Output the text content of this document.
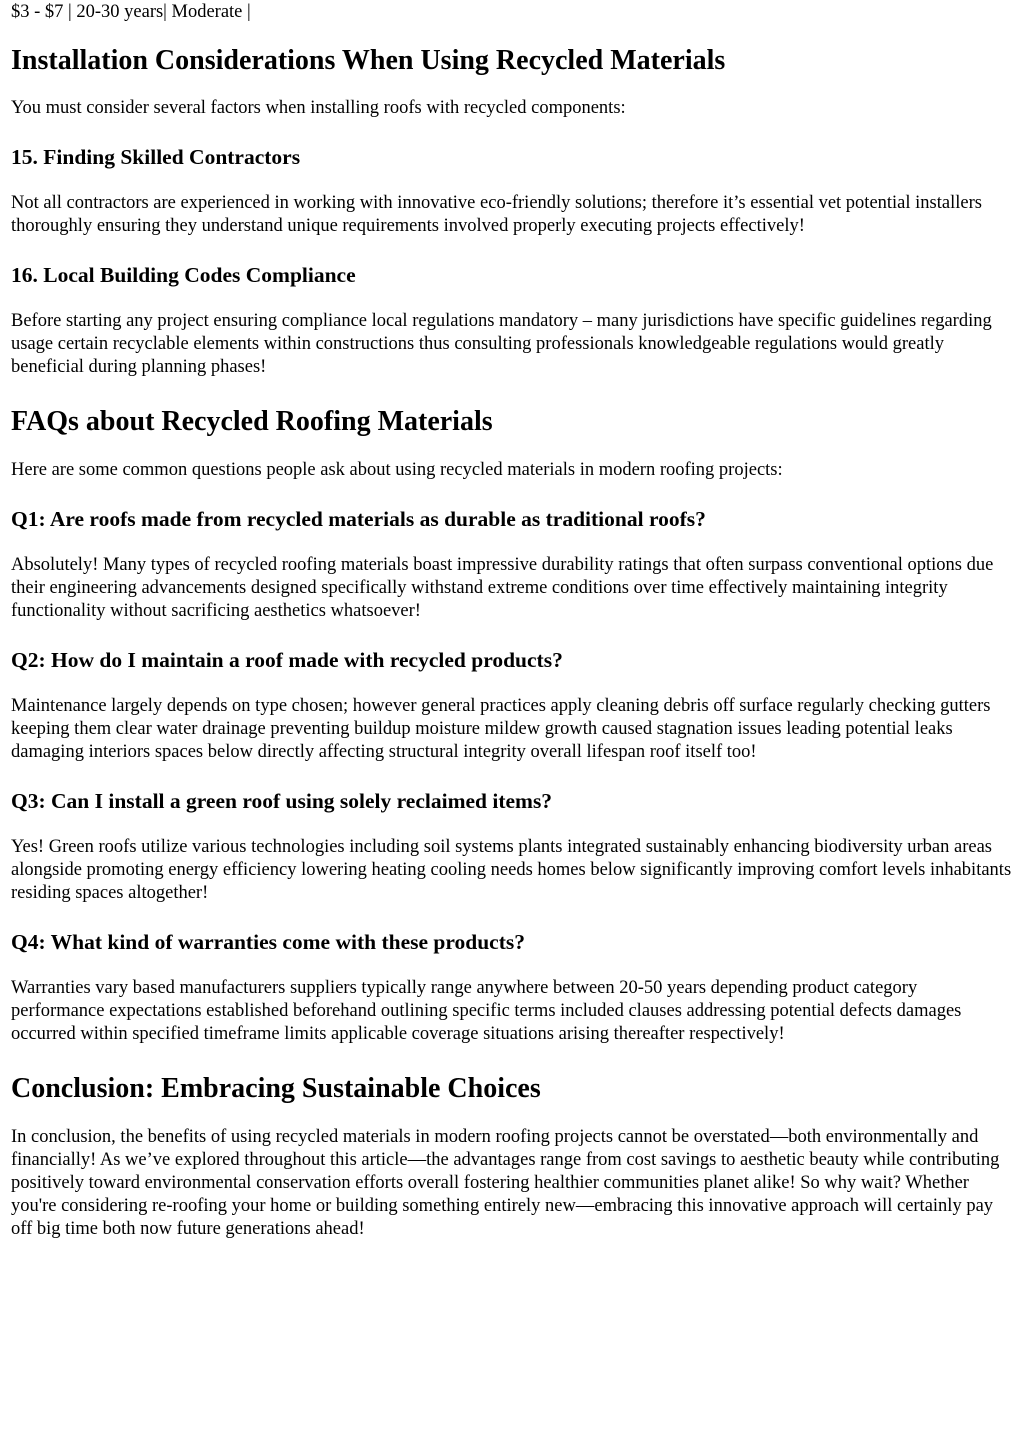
$3 - $7 | 20-30 years| Moderate |

Installation Considerations When Using Recycled Materials

You must consider several factors when installing roofs with recycled components:

15. Finding Skilled Contractors

Not all contractors are experienced in working with innovative eco-friendly solutions; therefore it’s essential vet potential installers thoroughly ensuring they understand unique requirements involved properly executing projects effectively!

16. Local Building Codes Compliance

Before starting any project ensuring compliance local regulations mandatory – many jurisdictions have specific guidelines regarding usage certain recyclable elements within constructions thus consulting professionals knowledgeable regulations would greatly beneficial during planning phases!

FAQs about Recycled Roofing Materials

Here are some common questions people ask about using recycled materials in modern roofing projects:

Q1: Are roofs made from recycled materials as durable as traditional roofs?

Absolutely! Many types of recycled roofing materials boast impressive durability ratings that often surpass conventional options due their engineering advancements designed specifically withstand extreme conditions over time effectively maintaining integrity functionality without sacrificing aesthetics whatsoever!

Q2: How do I maintain a roof made with recycled products?

Maintenance largely depends on type chosen; however general practices apply cleaning debris off surface regularly checking gutters keeping them clear water drainage preventing buildup moisture mildew growth caused stagnation issues leading potential leaks damaging interiors spaces below directly affecting structural integrity overall lifespan roof itself too!

Q3: Can I install a green roof using solely reclaimed items?

Yes! Green roofs utilize various technologies including soil systems plants integrated sustainably enhancing biodiversity urban areas alongside promoting energy efficiency lowering heating cooling needs homes below significantly improving comfort levels inhabitants residing spaces altogether!

Q4: What kind of warranties come with these products?

Warranties vary based manufacturers suppliers typically range anywhere between 20-50 years depending product category performance expectations established beforehand outlining specific terms included clauses addressing potential defects damages occurred within specified timeframe limits applicable coverage situations arising thereafter respectively!

Conclusion: Embracing Sustainable Choices

In conclusion, the benefits of using recycled materials in modern roofing projects cannot be overstated—both environmentally and financially! As we’ve explored throughout this article—the advantages range from cost savings to aesthetic beauty while contributing positively toward environmental conservation efforts overall fostering healthier communities planet alike! So why wait? Whether you're considering re-roofing your home or building something entirely new—embracing this innovative approach will certainly pay off big time both now future generations ahead!
